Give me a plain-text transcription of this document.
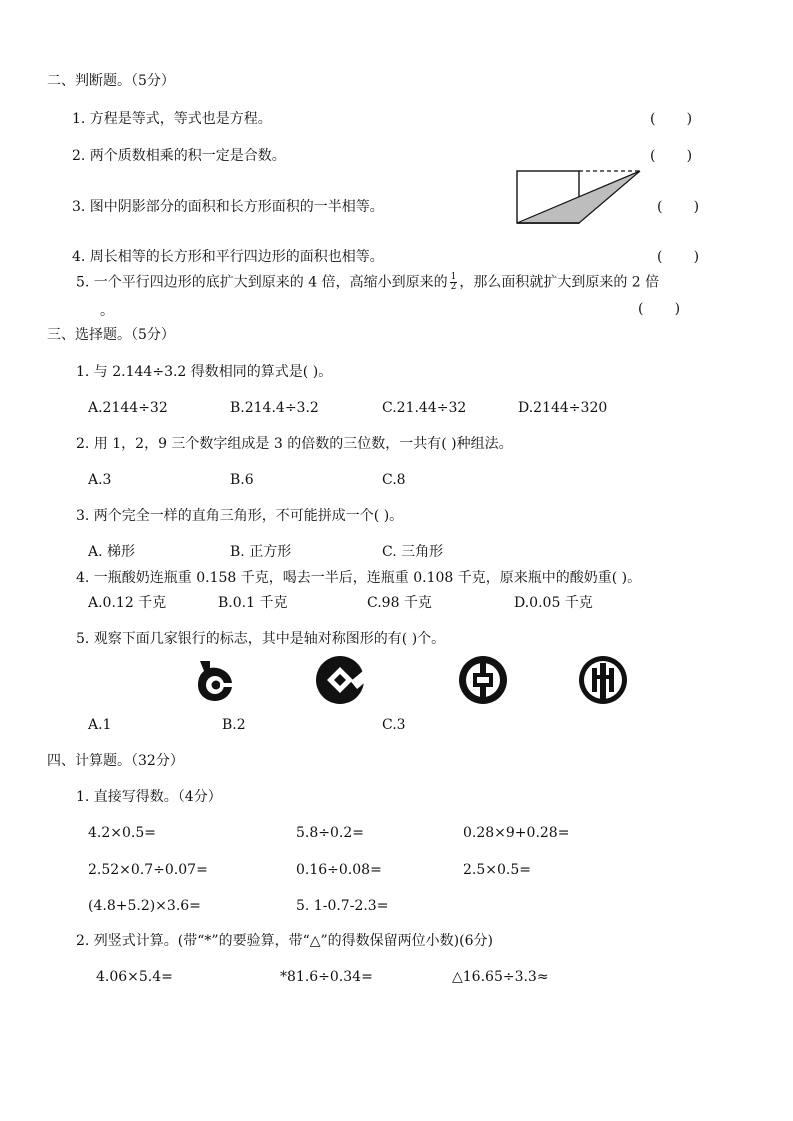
二、判断题。（5分）
1. 方程是等式，等式也是方程。	(       )
2. 两个质数相乘的积一定是合数。	(       )
3. 图中阴影部分的面积和长方形面积的一半相等。	(       )
4. 周长相等的长方形和平行四边形的面积也相等。	(       )
5. 一个平行四边形的底扩大到原来的 4 倍，高缩小到原来的 $\frac{1}{2}$ ，那么面积就扩大到原来的 2 倍
。	(       )
三、选择题。（5分）
1. 与 2.144÷3.2 得数相同的算式是( )。
A.2144÷32	B.214.4÷3.2	C.21.44÷32	D.2144÷320
2. 用 1，2，9 三个数字组成是 3 的倍数的三位数，一共有( )种组法。
A.3	B.6	C.8
3. 两个完全一样的直角三角形，不可能拼成一个( )。
A. 梯形	B. 正方形	C. 三角形
4. 一瓶酸奶连瓶重 0.158 千克，喝去一半后，连瓶重 0.108 千克，原来瓶中的酸奶重( )。
A.0.12 千克	B.0.1 千克	C.98 千克	D.0.05 千克
5. 观察下面几家银行的标志，其中是轴对称图形的有( )个。
A.1	B.2	C.3
四、计算题。（32分）
1. 直接写得数。（4分）
4.2×0.5=	5.8÷0.2=	0.28×9+0.28=
2.52×0.7÷0.07=	0.16÷0.08=	2.5×0.5=
(4.8+5.2)×3.6=	5. 1-0.7-2.3=
2. 列竖式计算。(带“*”的要验算，带“△”的得数保留两位小数)(6分)
4.06×5.4=	*81.6÷0.34=	△16.65÷3.3≈
